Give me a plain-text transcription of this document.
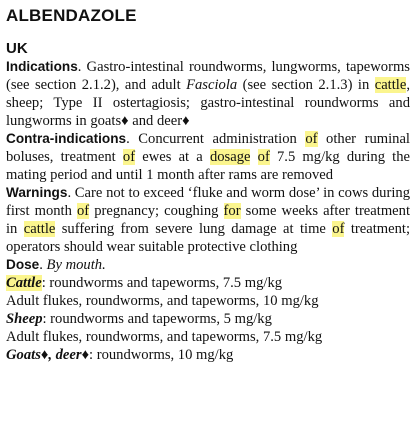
ALBENDAZOLE
UK

Indications. Gastro-intestinal roundworms, lungworms, tapeworms (see section 2.1.2), and adult Fasciola (see section 2.1.3) in cattle, sheep; Type II ostertagiosis; gastro-intestinal roundworms and lungworms in goats♦ and deer♦

Contra-indications. Concurrent administration of other ruminal boluses, treatment of ewes at a dosage of 7.5 mg/kg during the mating period and until 1 month after rams are removed

Warnings. Care not to exceed ‘fluke and worm dose’ in cows during first month of pregnancy; coughing for some weeks after treatment in cattle suffering from severe lung damage at time of treatment; operators should wear suitable protective clothing

Dose. By mouth.

Cattle: roundworms and tapeworms, 7.5 mg/kg

Adult flukes, roundworms, and tapeworms, 10 mg/kg

Sheep: roundworms and tapeworms, 5 mg/kg

Adult flukes, roundworms, and tapeworms, 7.5 mg/kg

Goats♦, deer♦: roundworms, 10 mg/kg
